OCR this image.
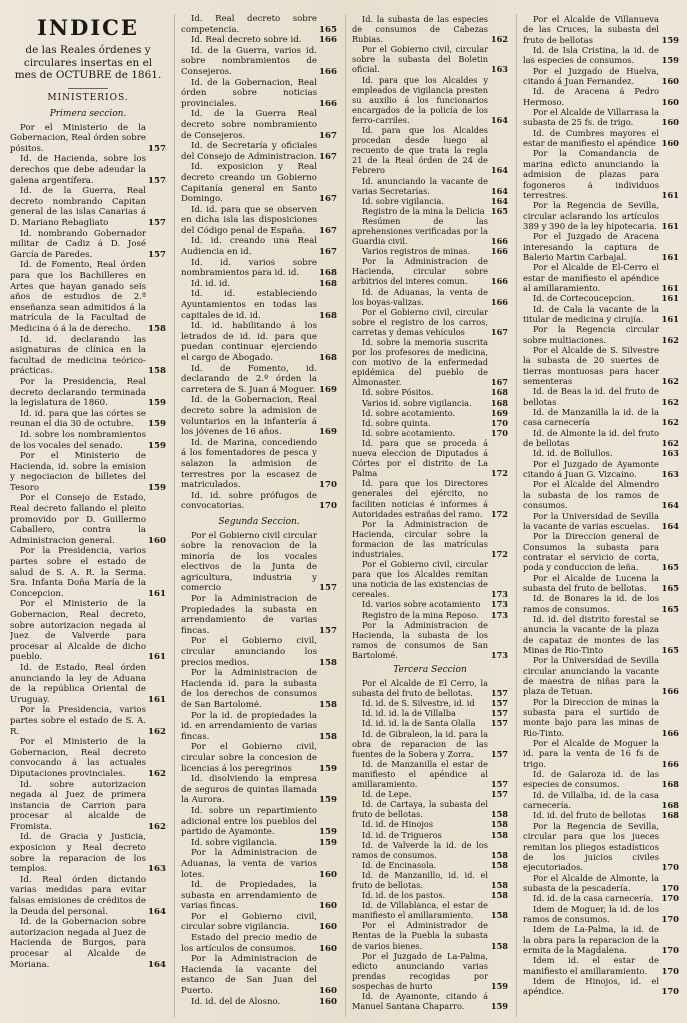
INDICE
de las Reales órdenes y circulares insertas en el mes de OCTUBRE de 1861.
MINISTERIOS.
Primera seccion.
Por el Ministerio de la Gobernacion, Real órden sobre pósitos.	157
Id. de Hacienda, sobre los derechos que debe adeudar la galena argentífera.	157
Id. de la Guerra, Real decreto nombrando Capitan general de las islas Canarias á D. Mariano Rebagliato	157
Id. nombrando Gobernador militar de Cadiz á D. José García de Paredes.	157
Id. de Fomento, Real órden para que los Bachilleres en Artes que hayan ganado seis años de estudios de 2.ª enseñanza sean admitidos á la matrícula de la Facultad de Medicina ó á la de derecho.	158
Id. id. declarando las asignaturas de clínica en la facultad de medicina teórico-prácticas.	158
Por la Presidencia, Real decreto declarando terminada la legislatura de 1860.	159
Id. id. para que las córtes se reunan el dia 30 de octubre.	159
Id. sobre los nombramientos de los vocales del senado.	159
Por el Ministerio de Hacienda, id. sobre la emision y negociacion de billetes del Tesoro	159
Por el Consejo de Estado, Real decreto fallando el pleito promovido por D. Guillermo Caballero, contra la Administracion general.	160
Por la Presidencia, varios partes sobre el estado de salud de S. A. R. la Serma. Sra. Infanta Doña María de la Concepcion.	161
Por el Ministerio de la Gobernacion, Real decreto, sobre autorizacion negada al Juez de Valverde para procesar al Alcalde de dicho pueblo.	161
Id. de Estado, Real órden anunciando la ley de Aduana de la república Oriental de Uruguay.	161
Por la Presidencia, varios partes sobre el estado de S. A. R.	162
Por el Ministerio de la Gobernacion, Real decreto convocando á las actuales Diputaciones provinciales.	162
Id. sobre autorizacion negada al Juez de primera instancia de Carrion para procesar al alcalde de Fromista.	162
Id. de Gracia y Justicia, exposicion y Real decreto sobre la reparacion de los templos.	163
Id. Real órden dictando varias medidas para evitar falsas emisiones de créditos de la Deuda del personal.	164
Id. de la Gobernacion sobre autorizacion negada al Juez de Hacienda de Burgos, para procesar al Alcalde de Moriana.	164
Id. Real decreto sobre competencia.	165
Id. Real decreto sobre id.	166
Id. de la Guerra, varios id. sobre nombramientos de Consejeros.	166
Id. de la Gobernacion, Real órden sobre noticias provinciales.	166
Id. de la Guerra Real decreto sobre nombramiento de Consejeros.	167
Id. de Secretaría y oficiales del Consejo de Administracion. 167
Id. exposicion y Real decreto creando un Gobierno Capitanía general en Santo Domingo.	167
Id. id. para que se observen en dicha isla las disposiciones del Código penal de España.	167
Id. id. creando una Real Audiencia en id.	167
Id. id. varios sobre nombramientos para id. id.	168
Id. id. id.	168
Id. id. estableciendo Ayuntamientos en todas las capitales de id. id.	168
Id. id. habilitando á los letrados de id. id. para que puedan continuar ejerciendo el cargo de Abogado.	168
Id. de Fomento, id. declarando de 2.º órden la carretera de S. Juan á Moguer. 169
Id. de la Gobernacion, Real decreto sobre la admision de voluntarios en la infantería á los jóvenes de 16 años.	169
Id. de Marina, concediendo á los fomentadores de pesca y salazon la admision de terrestres por la escasez de matriculados.	170
Id. id. sobre prófugos de convocatorias.	170
Segunda Seccion.
Por el Gobierno civil circular sobre la renovacion de la minoría de los vocales electivos de la Junta de agricultura, industria y comercio	157
Por la Administracion de Propiedades la subasta en arrendamiento de varias fincas.	157
Por el Gobierno civil, circular anunciando los precios medios.	158
Por la Administracion de Hacienda id. para la subasta de los derechos de consumos de San Bartolomé.	158
Por la id. de propiedades la id. en arrendamiento de varias fincas.	158
Por el Gobierno civil, circular sobre la concesion de licencias á los peregrinos	159
Id. disolviendo la empresa de seguros de quintas llamada la Aurora.	159
Id. sobre un repartimiento adicional entre los pueblos del partido de Ayamonte.	159
Id. sobre vigilancia.	159
Por la Administracion de Aduanas, la venta de varios lotes.	160
Id. de Propiedades, la subasta en arrendamiento de varias fincas.	160
Por el Gobierno civil, circular sobre vigilancia.	160
Estado del precio medio de los artículos de consumos.	160
Por la Administracion de Hacienda la vacante del estanco de San Juan del Puerto.	160
Id. id. del de Alosno.	160
Id. la subasta de las especies de consumos de Cabezas Rubias.	162
Por el Gobierno civil, circular sobre la subasta del Boletin oficial.	163
Id. para que los Alcaldes y empleados de vigilancia presten su auxilio á los funcionarios encargados de la policía de los ferro-carriles.	164
Id. para que los Alcaldes procedan desde luego al recuento de que trata la regla 21 de la Real órden de 24 de Febrero	164
Id. anunciando la vacante de varias Secretarías.	164
Id. sobre vigilancia.	164
Registro de la mina la Delicia 165
Resúmen de las aprehensiones verificadas por la Guardia civil.	166
Varios registros de minas.	166
Por la Administracion de Hacienda, circular sobre arbitrios del interes comun.	166
Id. de Aduanas, la venta de los boyas-valizas.	166
Por el Gobierno civil, circular sobre el registro de los carros, carretas y demas vehículos	167
Id. sobre la memoria suscrita por los profesores de medicina, con motivo de la enfermedad epidémica del pueblo de Almonaster.	167
Id. sobre Pósitos.	168
Varios id. sobre vigilancia.	168
Id. sobre acotamiento.	169
Id. sobre quinta.	170
Id. sobre acotamiento.	170
Id. para que se proceda á nueva eleccion de Diputados á Córtes por el distrito de La Palma	172
Id. para que los Directores generales del ejército, no faciliten noticias é informes á Autoridades estrañas del ramo.	172
Por la Administracion de Hacienda, circular sobre la formacion de las matrículas industriales.	172
Por el Gobierno civil, circular para que los Alcaldes remitan una noticia de las existencias de cereales.	173
Id. varios sobre acotamiento	173
Registro de la mina Reposo.	173
Por la Administracion de Hacienda, la subasta de los ramos de consumos de San Bartolomé.	173
Tercera Seccion
Por el Alcalde de El Cerro, la subasta del fruto de bellotas.	157
Id. id. de S. Silvestre, id. id	157
Id. id. id. la de Villalba	157
Id. id. id. la de Santa Olalla	157
Id. de Gibraleon, la id. para la obra de reparacion de las fuentes de la Sobera y Zorra.	157
Id. de Manzanilla el estar de manifiesto el apéndice al amillaramiento.	157
Id. de Lepe.	157
Id. de Cartaya, la subasta del fruto de bellotas.	158
Id. id. de Hinojos	158
Id. id. de Trigueros	158
Id. de Valverde la id. de los ramos de consumos.	158
Id. de Encinasola.	158
Id. de Manzanillo, id. id. el fruto de bellotas.	158
Id. id. de los pastos.	158
Id. de Villablanca, el estar de manifiesto el amillaramiento.	158
Por el Administrador de Rentas de la Puebla la subasta de varios bienes.	158
Por el Juzgado de La-Palma, edicto anunciando varias prendas recogidas por sospechas de hurto	159
Id. de Ayamonte, citando á Manuel Santana Chaparro.	159
Por el Alcalde de Villanueva de las Cruces, la subasta del fruto de bellotas	159
Id. de Isla Cristina, la id. de las especies de consumos.	159
Por el Juzgado de Huelva, citando á Juan Fernandez.	160
Id. de Aracena á Pedro Hermoso.	160
Por el Alcalde de Villarrasa la subasta de 25 fs. de trigo.	160
Id. de Cumbres mayores el estar de manifiesto el apéndice 160
Por la Comandancia de marina edicto anunciando la admision de plazas para fogoneros á individuos terrestres.	161
Por la Regencia de Sevilla, circular aclarando los artículos 389 y 390 de la ley hipotecaria. 161
Por el Juzgado de Aracena interesando la captura de Balerio Martin Carbajal.	161
Por el Alcalde de El-Cerro el estar de manifiesto el apéndice al amillaramiento.	161
Id. de Cortecoucepcion.	161
Id. de Cala la vacante de la titular de medicina y cirujía.	161
Por la Regencia circular sobre multiaciones.	162
Por el Alcalde de S. Silvestre la subasta de 20 suertes de tierras montuosas para hacer sementeras	162
Id. de Beas la id. del fruto de bellotas	162
Id. de Manzanilla la id. de la casa carnecería	162
Id. de Almonte la id. del fruto de bellotas	162
Id. id. de Bollullos.	163
Por el Juzgado de Ayamonte citando á Juan G. Vizcaino.	163
Por el Alcalde del Almendro la subasta de los ramos de consumos.	164
Por la Universidad de Sevilla la vacante de varias escuelas.	164
Por la Direccion general de Consumos la subasta para contratar el servicio de corta, poda y conduccion de leña.	165
Por el Alcalde de Lucena la subasta del fruto de bellotas.	165
Id. de Bonares la id. de los ramos de consumos.	165
Id. id. del distrito forestal se anuncia la vacante de la plaza de capataz de montes de las Minas de Rio-Tinto	165
Por la Universidad de Sevilla circular anunciando la vacante de maestra de niñas para la plaza de Tetuan.	166
Por la Direccion de minas la subasta para el surtido de monte bajo para las minas de Rio-Tinto.	166
Por el Alcalde de Moguer la id. para la venta de 16 fs de trigo.	166
Id. de Galaroza id. de las especies de consumos.	168
Id. de Villalba, id. de la casa carnecería.	168
Id. id. del fruto de bellotas	168
Por la Regencia de Sevilla, circular para que los jueces remitan los pliegos estadísticos de los juicios civiles ejecutoriados.	170
Por el Alcalde de Almonte, la subasta de la pescadería.	170
Id. id. de la casa carnecería. 170
Idem de Moguer, la id. de los ramos de consumos.	170
Idem de La-Palma, la id. de la obra para la reparacion de la ermita de la Magdalena.	170
Idem id. el estar de manifiesto el amillaramiento.	170
Idem de Hinojos, id. el apéndice.	170
